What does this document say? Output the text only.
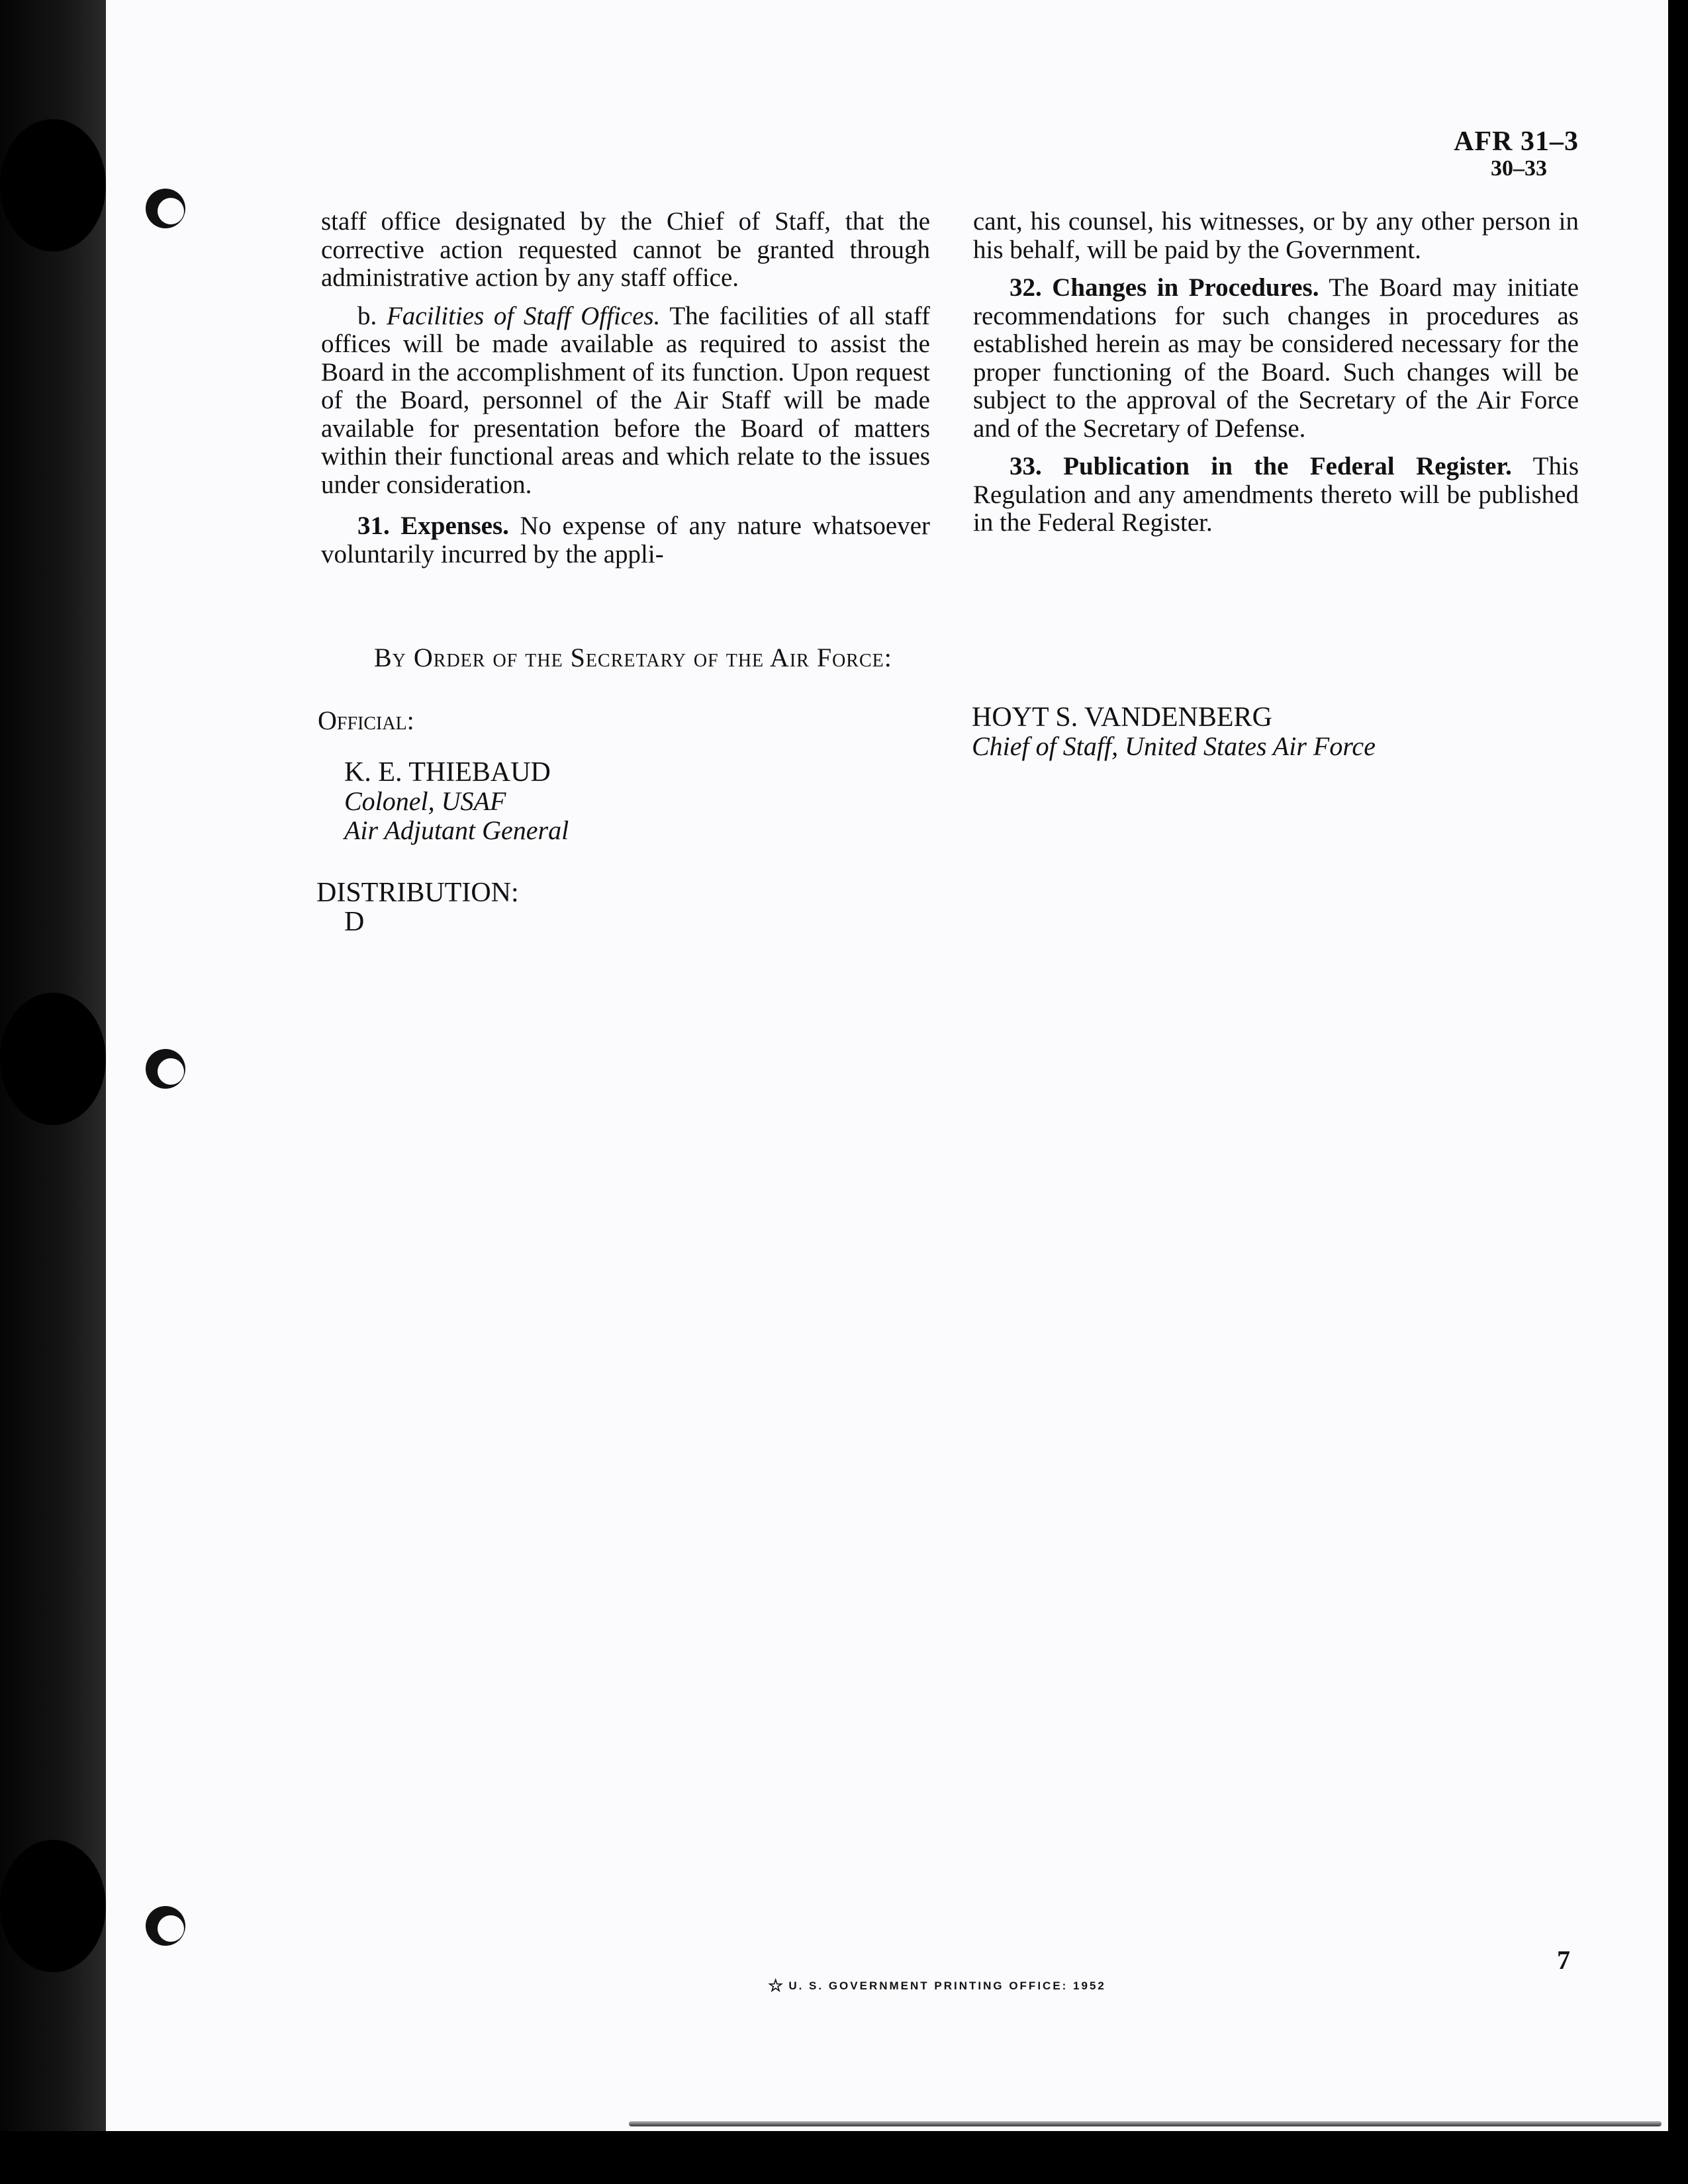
AFR 31–3
30–33

staff office designated by the Chief of Staff, that the corrective action requested cannot be granted through administrative action by any staff office.

b. Facilities of Staff Offices. The facilities of all staff offices will be made available as required to assist the Board in the accomplishment of its function. Upon request of the Board, personnel of the Air Staff will be made available for presentation before the Board of matters within their functional areas and which relate to the issues under consideration.

31. Expenses. No expense of any nature whatsoever voluntarily incurred by the appli-

cant, his counsel, his witnesses, or by any other person in his behalf, will be paid by the Government.

32. Changes in Procedures. The Board may initiate recommendations for such changes in procedures as established herein as may be considered necessary for the proper functioning of the Board. Such changes will be subject to the approval of the Secretary of the Air Force and of the Secretary of Defense.

33. Publication in the Federal Register. This Regulation and any amendments thereto will be published in the Federal Register.

By Order of the Secretary of the Air Force:
Official:
K. E. THIEBAUD
Colonel, USAF
Air Adjutant General
HOYT S. VANDENBERG
Chief of Staff, United States Air Force
DISTRIBUTION:
D
7
☆ U. S. GOVERNMENT PRINTING OFFICE: 1952
